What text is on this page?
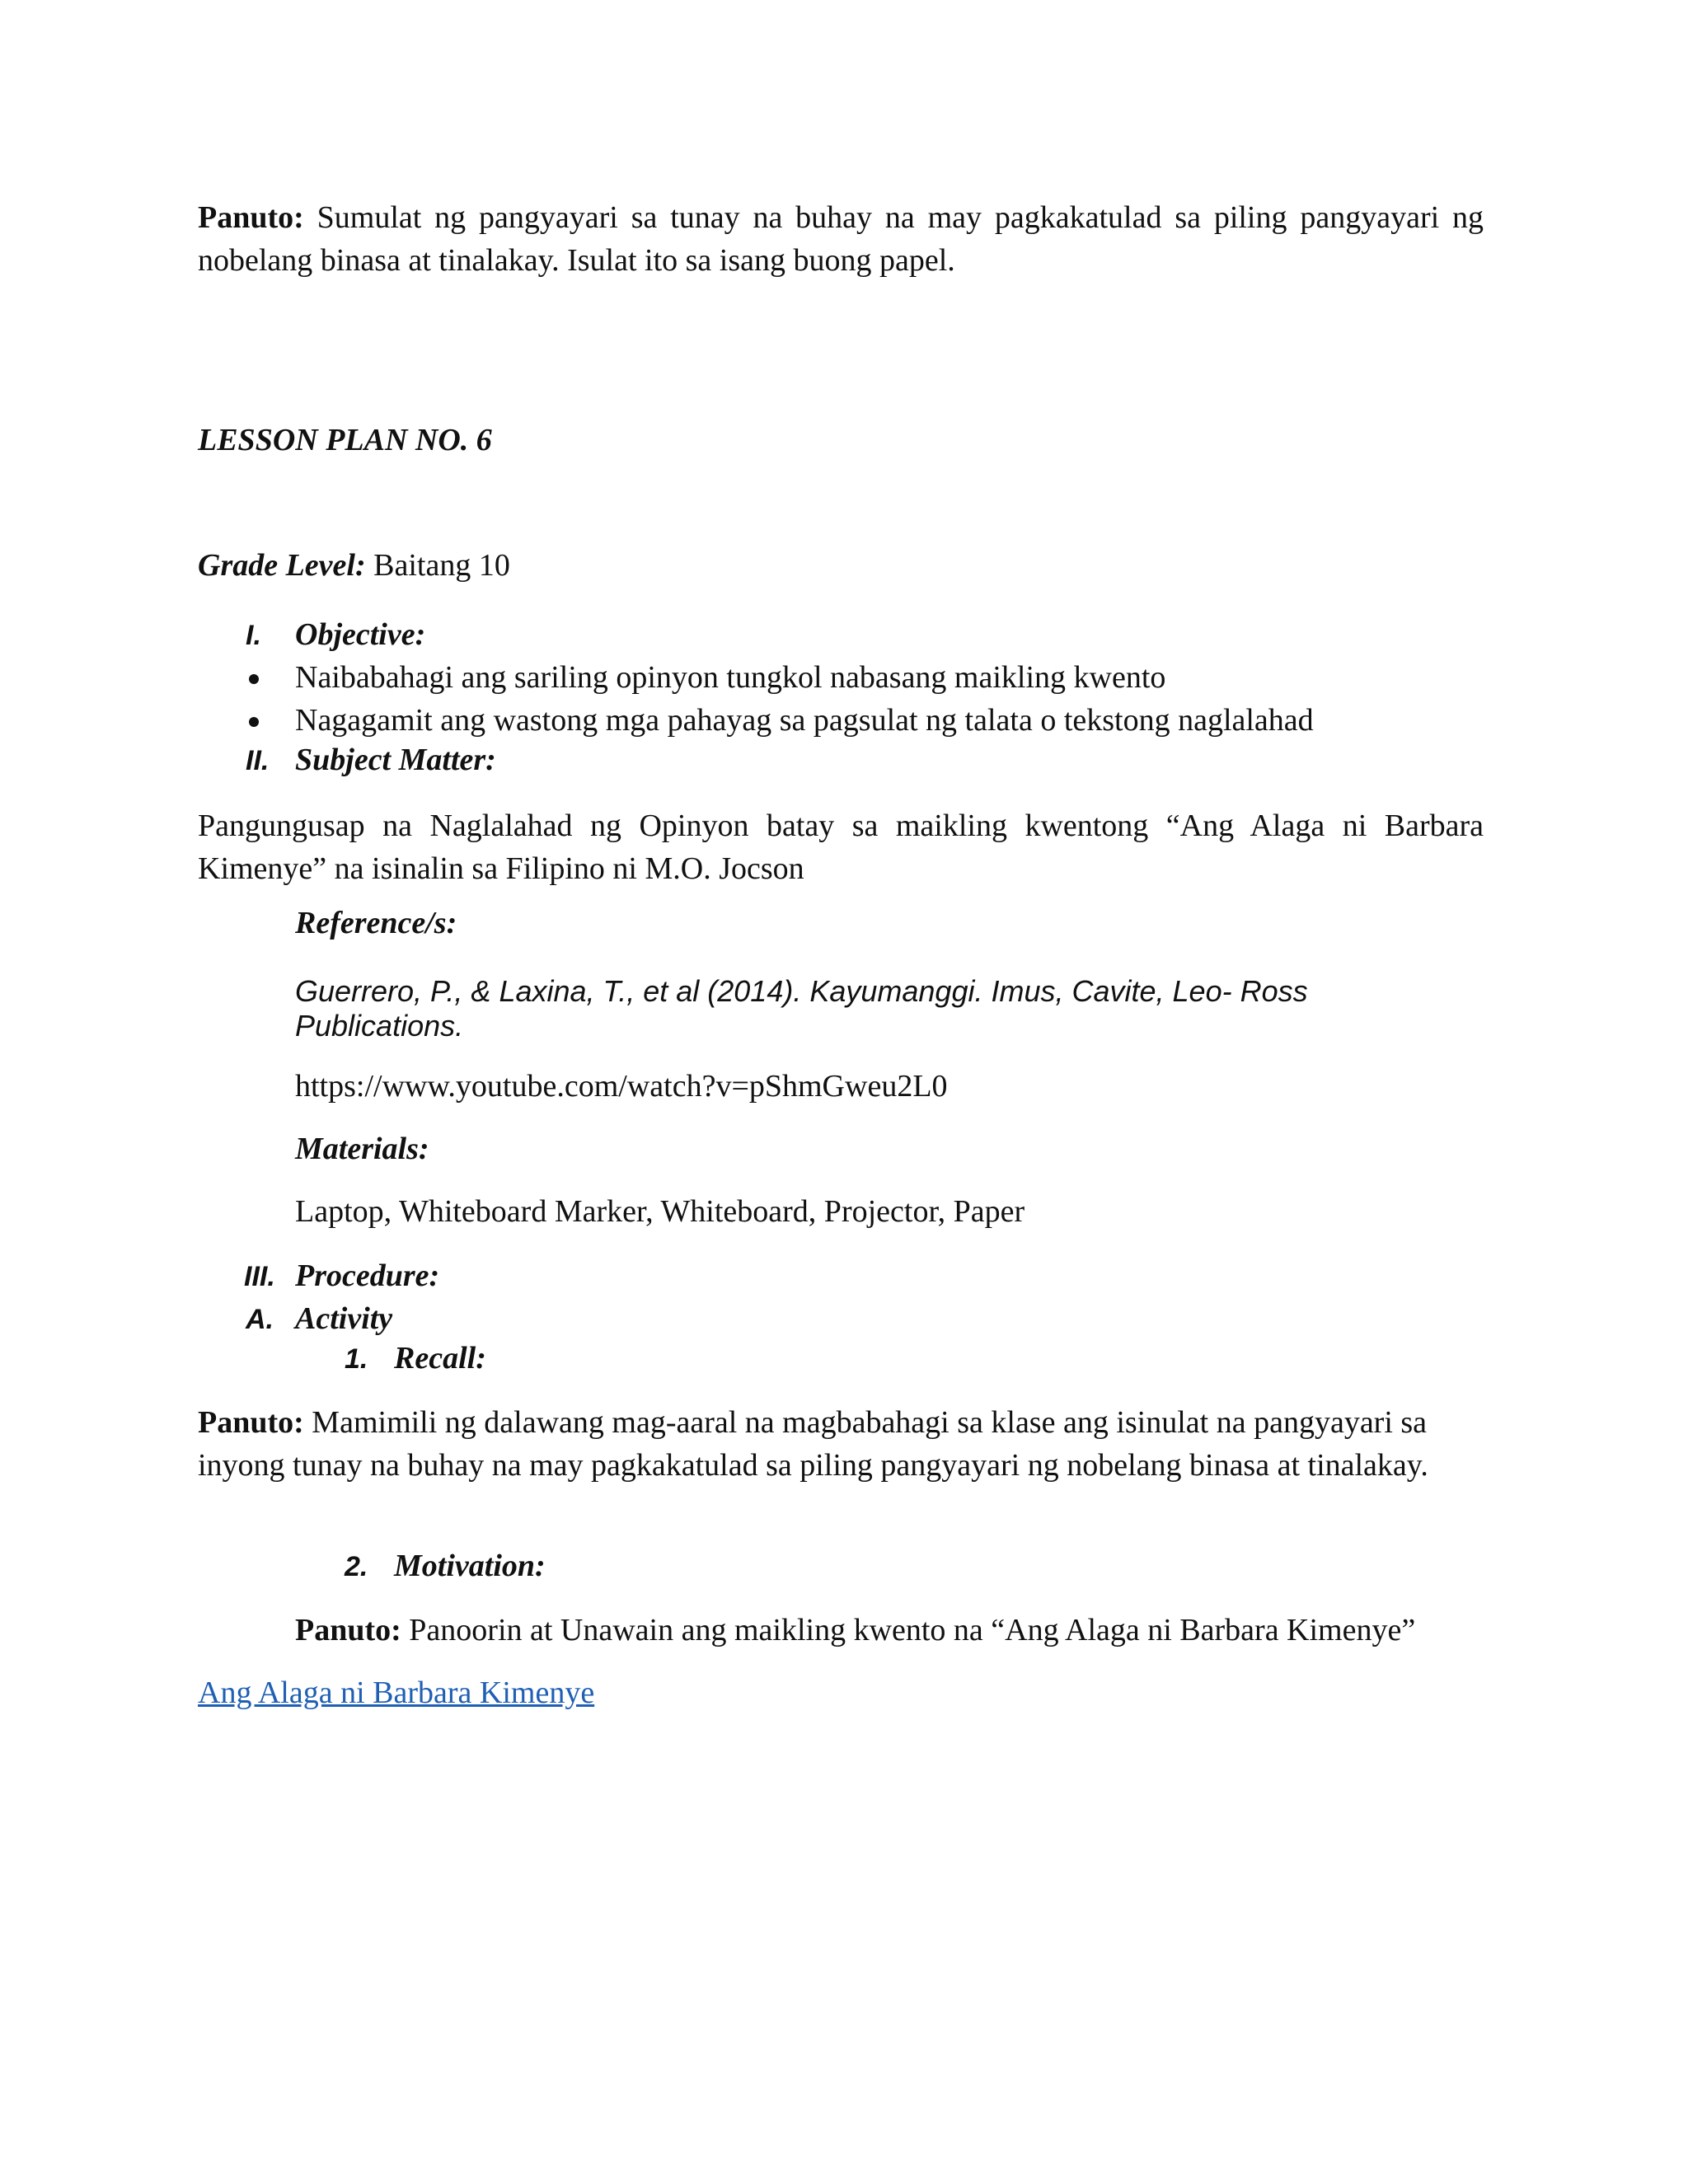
Panuto: Sumulat ng pangyayari sa tunay na buhay na may pagkakatulad sa piling pangyayari ng nobelang binasa at tinalakay. Isulat ito sa isang buong papel.
LESSON PLAN NO. 6
Grade Level: Baitang 10
I. Objective:
Naibabahagi ang sariling opinyon tungkol nabasang maikling kwento
Nagagamit ang wastong mga pahayag sa pagsulat ng talata o tekstong naglalahad
II. Subject Matter:
Pangungusap na Naglalahad ng Opinyon batay sa maikling kwentong “Ang Alaga ni Barbara Kimenye” na isinalin sa Filipino ni M.O. Jocson
Reference/s:
Guerrero, P., & Laxina, T., et al (2014). Kayumanggi. Imus, Cavite, Leo- Ross Publications.
https://www.youtube.com/watch?v=pShmGweu2L0
Materials:
Laptop, Whiteboard Marker, Whiteboard, Projector, Paper
III. Procedure:
A. Activity
1. Recall:
Panuto: Mamimili ng dalawang mag-aaral na magbabahagi sa klase ang isinulat na pangyayari sa inyong tunay na buhay na may pagkakatulad sa piling pangyayari ng nobelang binasa at tinalakay.
2. Motivation:
Panuto: Panoorin at Unawain ang maikling kwento na “Ang Alaga ni Barbara Kimenye”
Ang Alaga ni Barbara Kimenye
